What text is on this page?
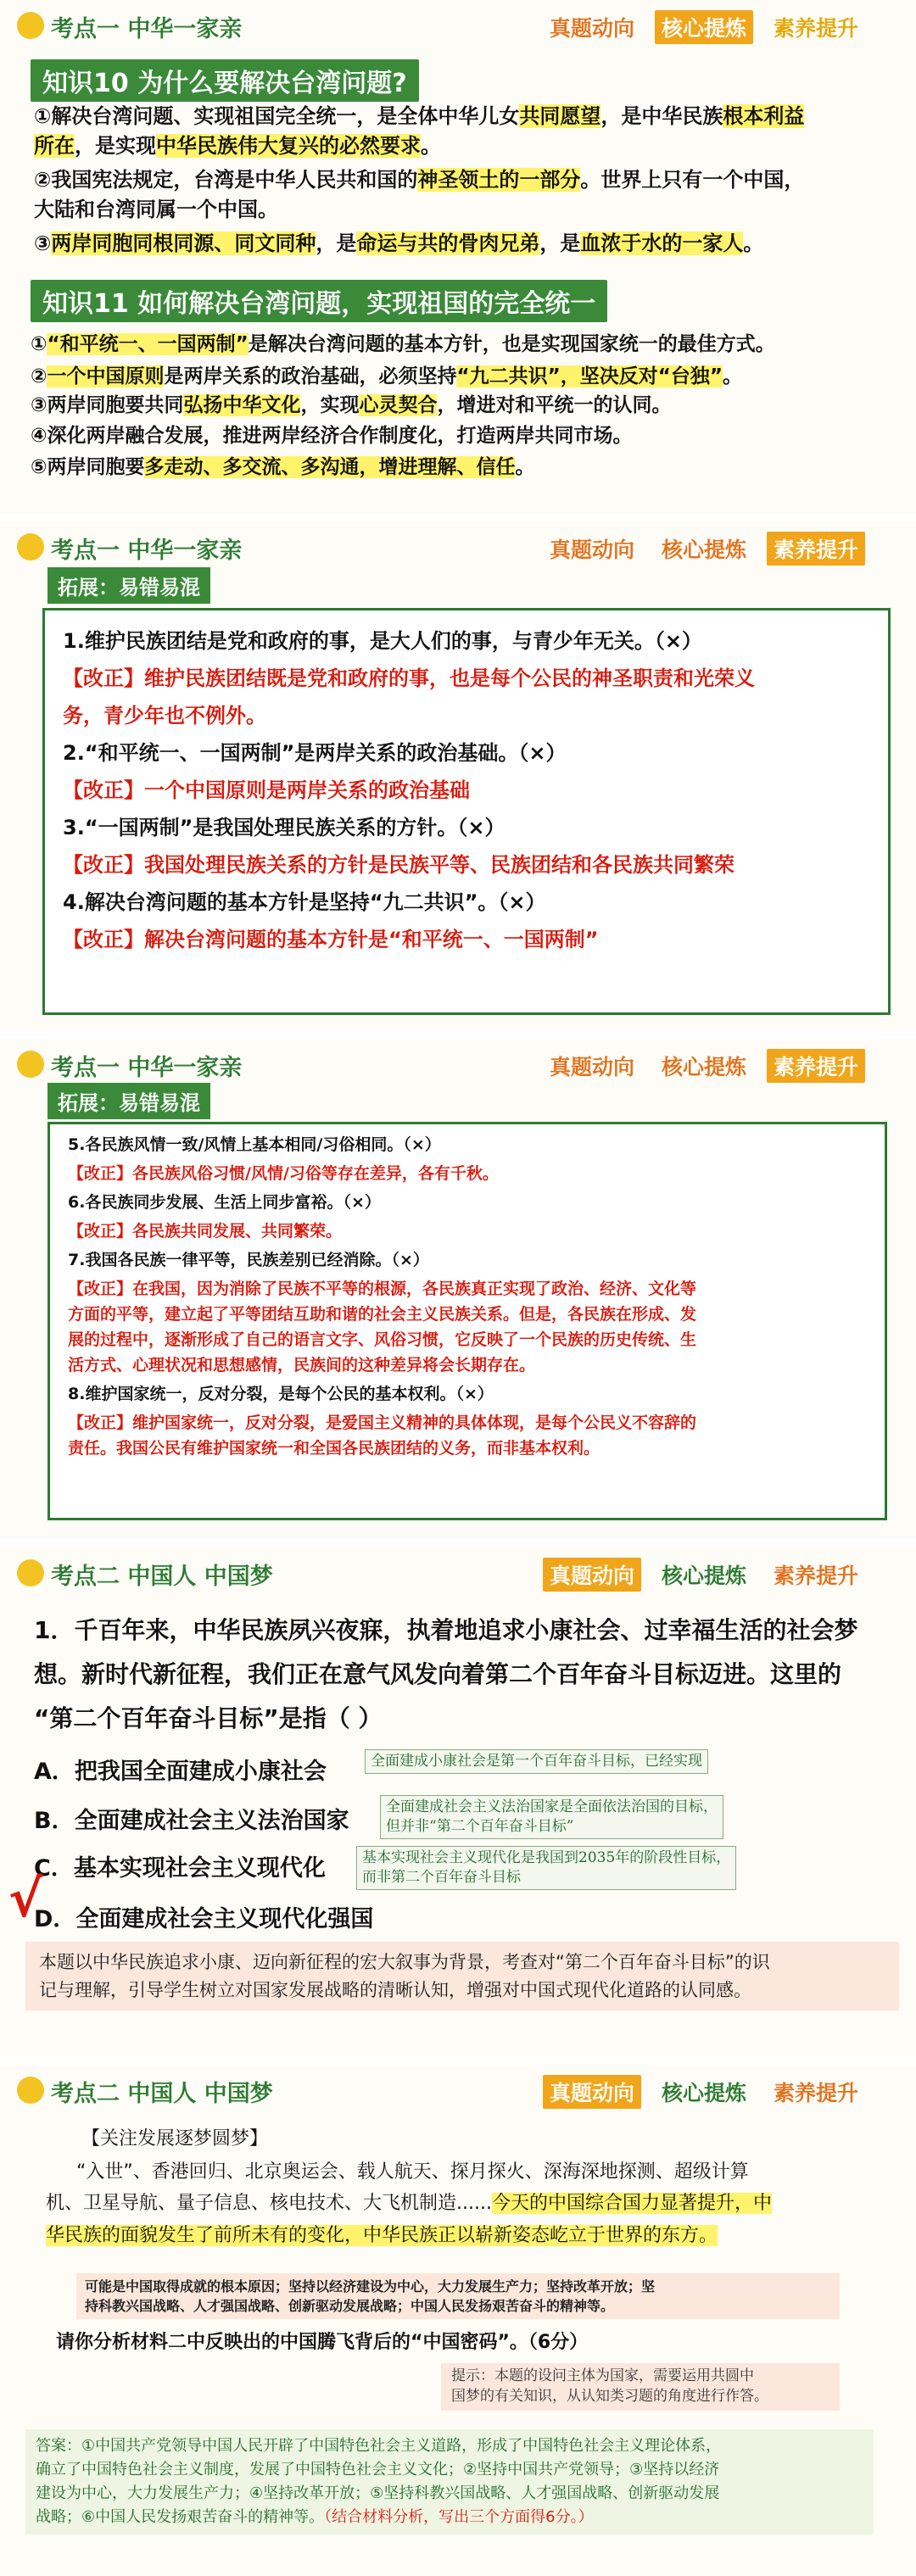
考点一 中华一家亲	真题动向	核心提炼	素养提升
知识10 为什么要解决台湾问题?
①解决台湾问题、实现祖国完全统一，是全体中华儿女共同愿望，是中华民族根本利益
所在，是实现中华民族伟大复兴的必然要求。
②我国宪法规定，台湾是中华人民共和国的神圣领土的一部分。世界上只有一个中国，
大陆和台湾同属一个中国。
③两岸同胞同根同源、同文同种，是命运与共的骨肉兄弟，是血浓于水的一家人。
知识11 如何解决台湾问题，实现祖国的完全统一
①“和平统一、一国两制”是解决台湾问题的基本方针，也是实现国家统一的最佳方式。
②一个中国原则是两岸关系的政治基础，必须坚持“九二共识”，坚决反对“台独”。
③两岸同胞要共同弘扬中华文化，实现心灵契合，增进对和平统一的认同。
④深化两岸融合发展，推进两岸经济合作制度化，打造两岸共同市场。
⑤两岸同胞要多走动、多交流、多沟通，增进理解、信任。
考点一 中华一家亲	真题动向	核心提炼	素养提升
拓展：易错易混
1.维护民族团结是党和政府的事，是大人们的事，与青少年无关。（×）
【改正】维护民族团结既是党和政府的事，也是每个公民的神圣职责和光荣义
务，青少年也不例外。
2.“和平统一、一国两制”是两岸关系的政治基础。（×）
【改正】一个中国原则是两岸关系的政治基础
3.“一国两制”是我国处理民族关系的方针。（×）
【改正】我国处理民族关系的方针是民族平等、民族团结和各民族共同繁荣
4.解决台湾问题的基本方针是坚持“九二共识”。（×）
【改正】解决台湾问题的基本方针是“和平统一、一国两制”
考点一 中华一家亲	真题动向	核心提炼	素养提升
拓展：易错易混
5.各民族风情一致/风情上基本相同/习俗相同。（×）
【改正】各民族风俗习惯/风情/习俗等存在差异，各有千秋。
6.各民族同步发展、生活上同步富裕。（×）
【改正】各民族共同发展、共同繁荣。
7.我国各民族一律平等，民族差别已经消除。（×）
【改正】在我国，因为消除了民族不平等的根源，各民族真正实现了政治、经济、文化等
方面的平等，建立起了平等团结互助和谐的社会主义民族关系。但是，各民族在形成、发
展的过程中，逐渐形成了自己的语言文字、风俗习惯，它反映了一个民族的历史传统、生
活方式、心理状况和思想感情，民族间的这种差异将会长期存在。
8.维护国家统一，反对分裂，是每个公民的基本权利。（×）
【改正】维护国家统一，反对分裂，是爱国主义精神的具体体现，是每个公民义不容辞的
责任。我国公民有维护国家统一和全国各民族团结的义务，而非基本权利。
考点二 中国人 中国梦	真题动向	核心提炼	素养提升
1．千百年来，中华民族夙兴夜寐，执着地追求小康社会、过幸福生活的社会梦
想。新时代新征程，我们正在意气风发向着第二个百年奋斗目标迈进。这里的
“第二个百年奋斗目标”是指（ ）
A．把我国全面建成小康社会
B．全面建成社会主义法治国家
C．基本实现社会主义现代化
D．全面建成社会主义现代化强国
全面建成小康社会是第一个百年奋斗目标，已经实现
全面建成社会主义法治国家是全面依法治国的目标，
但并非“第二个百年奋斗目标”
基本实现社会主义现代化是我国到2035年的阶段性目标，
而非第二个百年奋斗目标
√
本题以中华民族追求小康、迈向新征程的宏大叙事为背景，考查对“第二个百年奋斗目标”的识
记与理解，引导学生树立对国家发展战略的清晰认知，增强对中国式现代化道路的认同感。
考点二 中国人 中国梦	真题动向	核心提炼	素养提升
【关注发展逐梦圆梦】
“入世”、香港回归、北京奥运会、载人航天、探月探火、深海深地探测、超级计算
机、卫星导航、量子信息、核电技术、大飞机制造......今天的中国综合国力显著提升，中
华民族的面貌发生了前所未有的变化，中华民族正以崭新姿态屹立于世界的东方。
可能是中国取得成就的根本原因；坚持以经济建设为中心，大力发展生产力；坚持改革开放；坚
持科教兴国战略、人才强国战略、创新驱动发展战略；中国人民发扬艰苦奋斗的精神等。
请你分析材料二中反映出的中国腾飞背后的“中国密码”。（6分）
提示：本题的设问主体为国家，需要运用共圆中
国梦的有关知识，从认知类习题的角度进行作答。
答案：①中国共产党领导中国人民开辟了中国特色社会主义道路，形成了中国特色社会主义理论体系，
确立了中国特色社会主义制度，发展了中国特色社会主义文化；②坚持中国共产党领导；③坚持以经济
建设为中心，大力发展生产力；④坚持改革开放；⑤坚持科教兴国战略、人才强国战略、创新驱动发展
战略；⑥中国人民发扬艰苦奋斗的精神等。（结合材料分析，写出三个方面得6分。）
